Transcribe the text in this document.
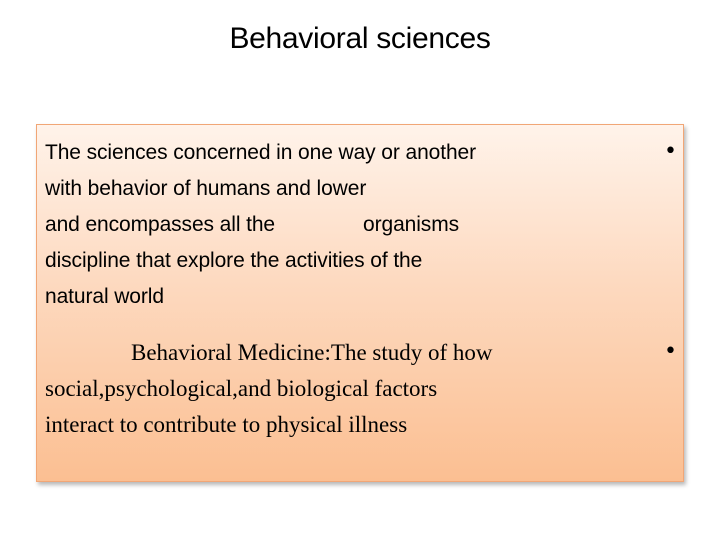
Behavioral sciences
•
The sciences concerned in one way or another
with behavior of humans and lower
and encompasses all the	organisms
discipline that explore the activities of the
natural world
•
Behavioral Medicine:The study of how
social,psychological,and biological factors
interact to contribute to physical illness
